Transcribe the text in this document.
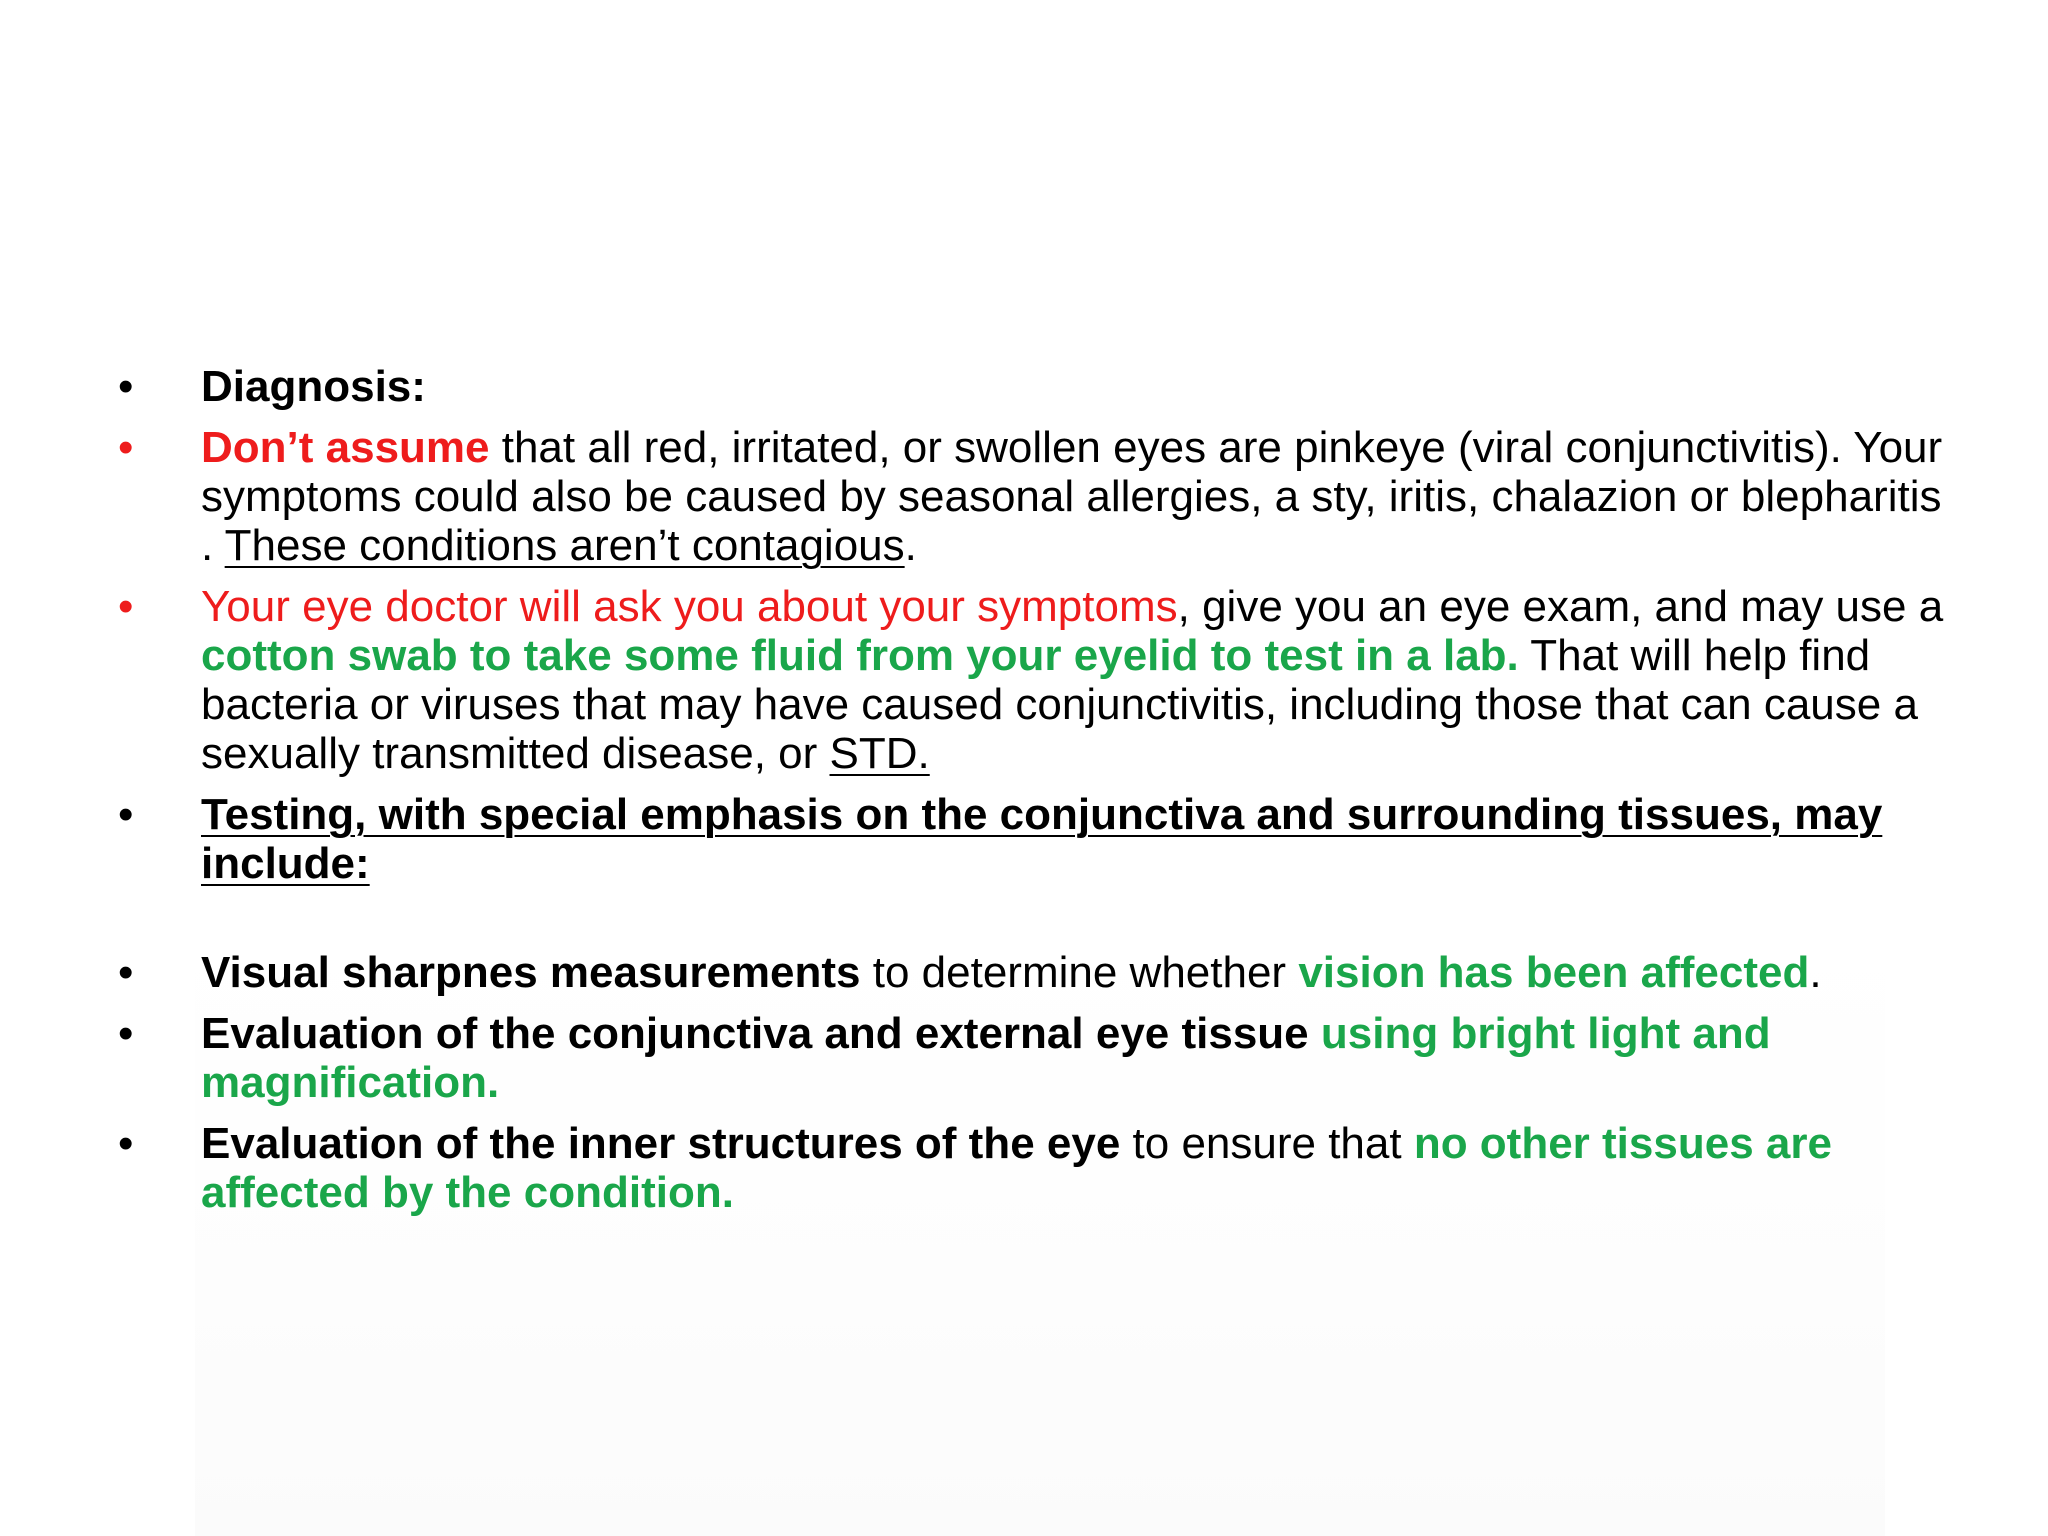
•	Diagnosis:
•	Don’t assume that all red, irritated, or swollen eyes are pinkeye (viral conjunctivitis). Your symptoms could also be caused by seasonal allergies, a sty, iritis, chalazion or blepharitis . These conditions aren’t contagious.
•	Your eye doctor will ask you about your symptoms, give you an eye exam, and may use a cotton swab to take some fluid from your eyelid to test in a lab. That will help find bacteria or viruses that may have caused conjunctivitis, including those that can cause a sexually transmitted disease, or STD.
•	Testing, with special emphasis on the conjunctiva and surrounding tissues, may include:
•	Visual sharpnes measurements to determine whether vision has been affected.
•	Evaluation of the conjunctiva and external eye tissue using bright light and magnification.
•	Evaluation of the inner structures of the eye to ensure that no other tissues are affected by the condition.
